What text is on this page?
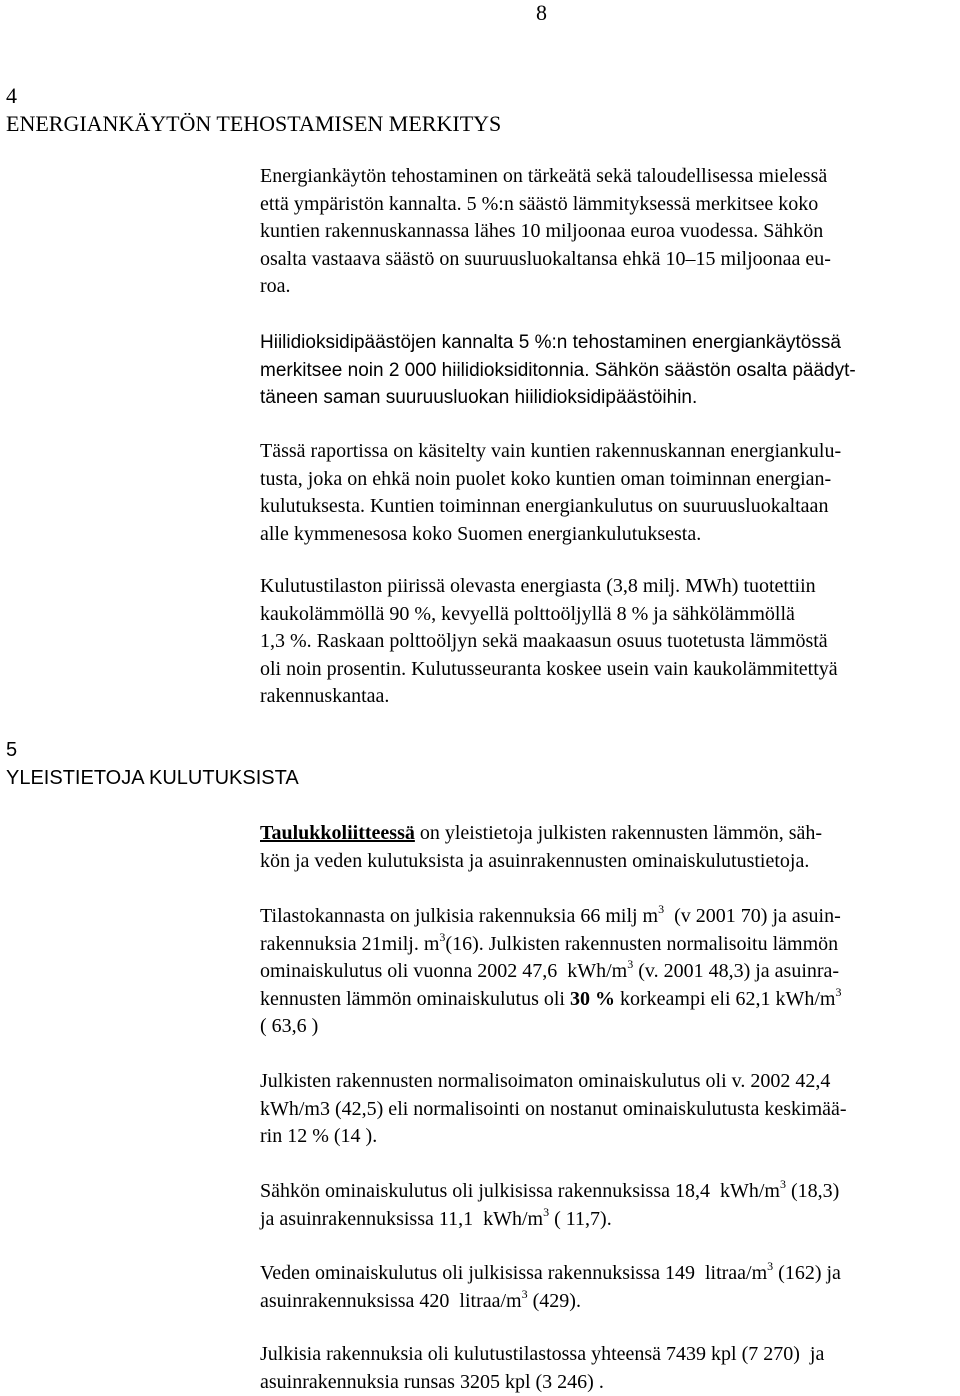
8
4
ENERGIANKÄYTÖN TEHOSTAMISEN MERKITYS
5
YLEISTIETOJA KULUTUKSISTA

Energiankäytön tehostaminen on tärkeätä sekä taloudellisessa mielessä
että ympäristön kannalta. 5 %:n säästö lämmityksessä merkitsee koko
kuntien rakennuskannassa lähes 10 miljoonaa euroa vuodessa. Sähkön
osalta vastaava säästö on suuruusluokaltansa ehkä 10–15 miljoonaa eu-
roa.

Hiilidioksidipäästöjen kannalta 5 %:n tehostaminen energiankäytössä
merkitsee noin 2 000 hiilidioksiditonnia. Sähkön säästön osalta päädyt-
täneen saman suuruusluokan hiilidioksidipäästöihin.

Tässä raportissa on käsitelty vain kuntien rakennuskannan energiankulu-
tusta, joka on ehkä noin puolet koko kuntien oman toiminnan energian-
kulutuksesta. Kuntien toiminnan energiankulutus on suuruusluokaltaan
alle kymmenesosa koko Suomen energiankulutuksesta.

Kulutustilaston piirissä olevasta energiasta (3,8 milj. MWh) tuotettiin
kaukolämmöllä 90 %, kevyellä polttoöljyllä 8 % ja sähkölämmöllä
1,3 %. Raskaan polttoöljyn sekä maakaasun osuus tuotetusta lämmöstä
oli noin prosentin. Kulutusseuranta koskee usein vain kaukolämmitettyä
rakennuskantaa.

Taulukkoliitteessä on yleistietoja julkisten rakennusten lämmön, säh-
kön ja veden kulutuksista ja asuinrakennusten ominaiskulutustietoja.

Tilastokannasta on julkisia rakennuksia 66 milj $m^3$  (v 2001 70) ja asuin-
rakennuksia 21milj. $m^3(16)$. Julkisten rakennusten normalisoitu lämmön
ominaiskulutus oli vuonna 2002 47,6  kWh/$m^3$ (v. 2001 48,3) ja asuinra-
kennusten lämmön ominaiskulutus oli 30 % korkeampi eli 62,1 kWh/$m^3$
( 63,6 )

Julkisten rakennusten normalisoimaton ominaiskulutus oli v. 2002 42,4
kWh/m3 (42,5) eli normalisointi on nostanut ominaiskulutusta keskimää-
rin 12 % (14 ).

Sähkön ominaiskulutus oli julkisissa rakennuksissa 18,4  kWh/$m^3$ (18,3)
ja asuinrakennuksissa 11,1  kWh/$m^3$ ( 11,7).

Veden ominaiskulutus oli julkisissa rakennuksissa 149  litraa/$m^3$ (162) ja
asuinrakennuksissa 420  litraa/$m^3$ (429).

Julkisia rakennuksia oli kulutustilastossa yhteensä 7439 kpl (7 270)  ja
asuinrakennuksia runsas 3205 kpl (3 246) .
